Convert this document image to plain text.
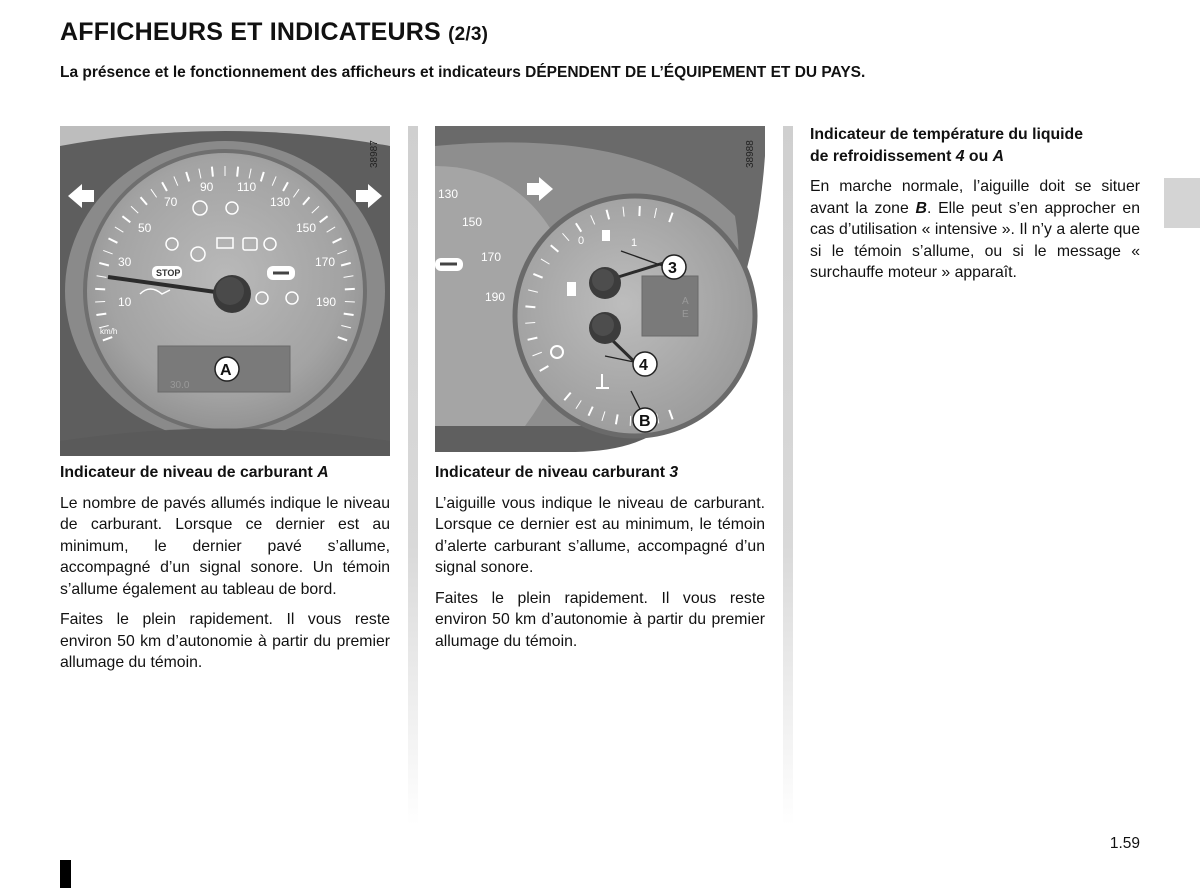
AFFICHEURS ET INDICATEURS (2/3)
La présence et le fonctionnement des afficheurs et indicateurs DÉPENDENT DE L’ÉQUIPEMENT ET DU PAYS.
10
30
50
70
90 110
130
150
170
190
km/h
STOP
30.0
A
38987
130
150
170
190
0	1
A
E
3
4
B
38988
Indicateur de niveau de carburant A

Le nombre de pavés allumés indique le niveau de carburant. Lorsque ce dernier est au minimum, le dernier pavé s’allume, accompagné d’un signal sonore. Un témoin s’allume également au tableau de bord.

Faites le plein rapidement. Il vous reste environ 50 km d’autonomie à partir du premier allumage du témoin.

Indicateur de niveau carburant 3

L’aiguille vous indique le niveau de carburant. Lorsque ce dernier est au minimum, le témoin d’alerte carburant s’allume, accompagné d’un signal sonore.

Faites le plein rapidement. Il vous reste environ 50 km d’autonomie à partir du premier allumage du témoin.

Indicateur de température du liquide
de refroidissement 4 ou A

En marche normale, l’aiguille doit se situer avant la zone B. Elle peut s’en approcher en cas d’utilisation « intensive ». Il n’y a alerte que si le témoin s’allume, ou si le message « surchauffe moteur » apparaît.

1.59
